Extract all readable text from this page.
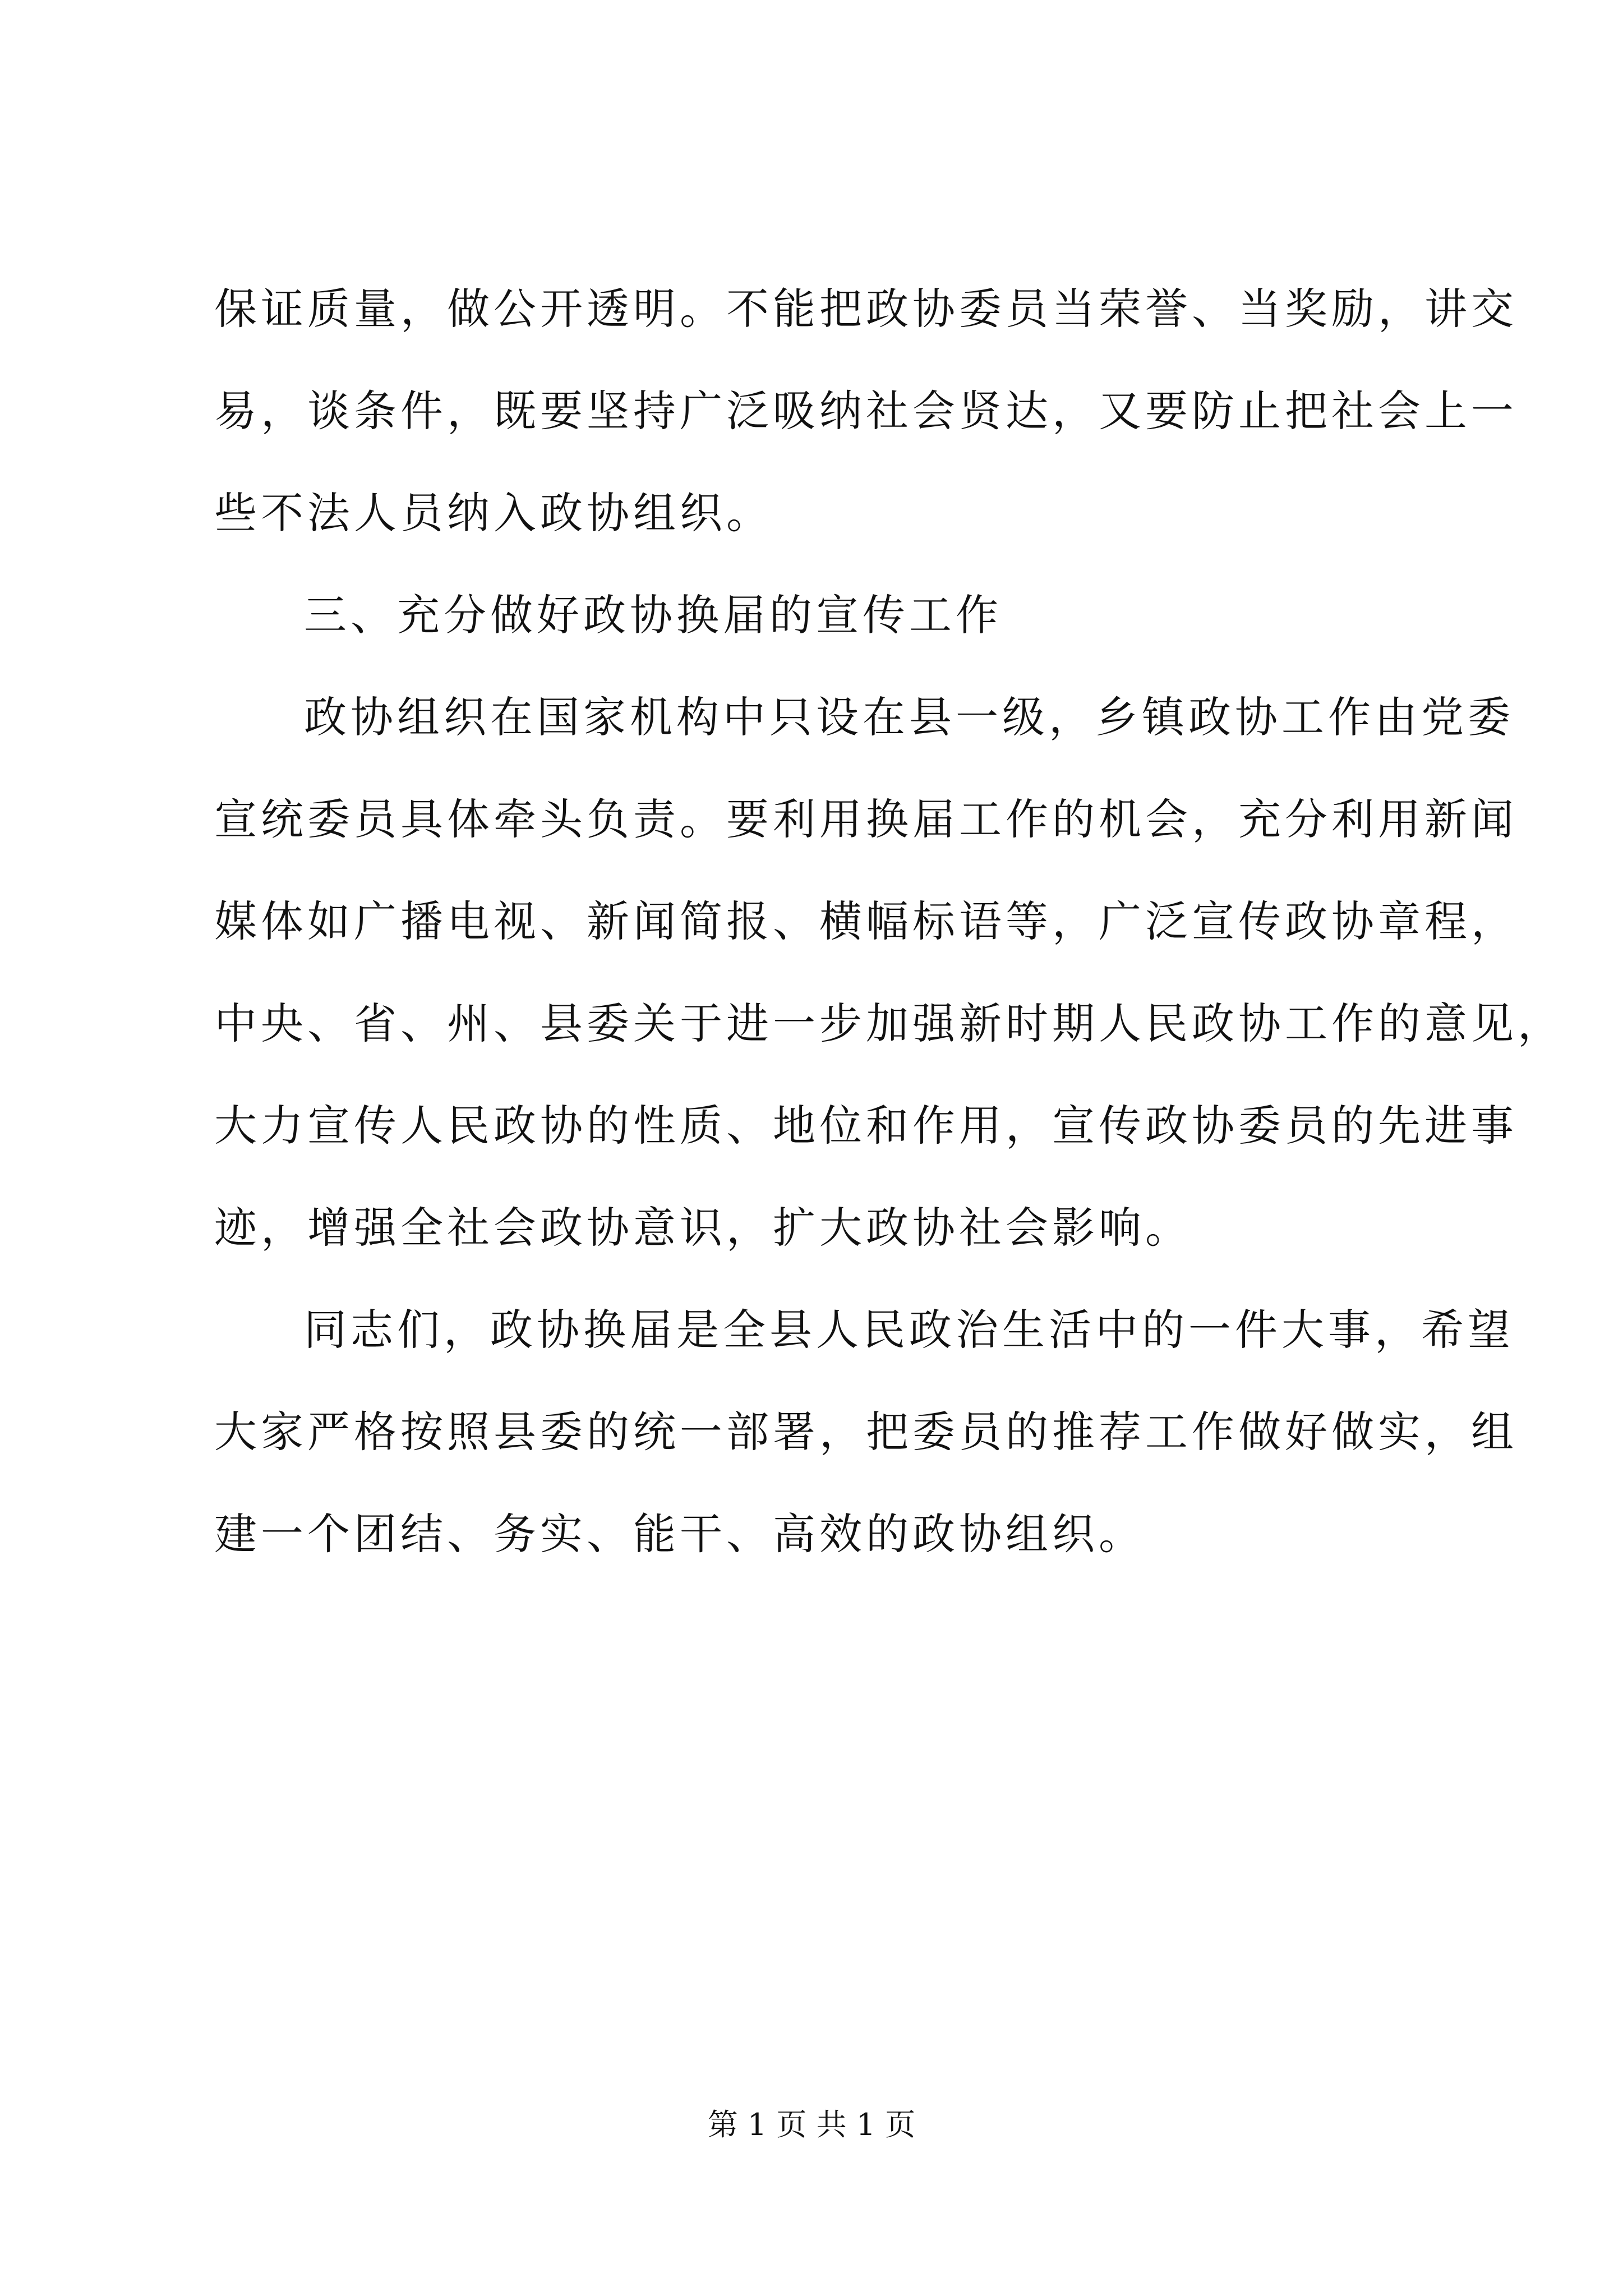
保证质量，做公开透明。不能把政协委员当荣誉、当奖励，讲交
易，谈条件，既要坚持广泛吸纳社会贤达，又要防止把社会上一
些不法人员纳入政协组织。
三、充分做好政协换届的宣传工作
政协组织在国家机构中只设在县一级，乡镇政协工作由党委
宣统委员具体牵头负责。要利用换届工作的机会，充分利用新闻
媒体如广播电视、新闻简报、横幅标语等，广泛宣传政协章程，
中央、省、州、县委关于进一步加强新时期人民政协工作的意见，
大力宣传人民政协的性质、地位和作用，宣传政协委员的先进事
迹，增强全社会政协意识，扩大政协社会影响。
同志们，政协换届是全县人民政治生活中的一件大事，希望
大家严格按照县委的统一部署，把委员的推荐工作做好做实，组
建一个团结、务实、能干、高效的政协组织。
第 1 页 共 1 页
